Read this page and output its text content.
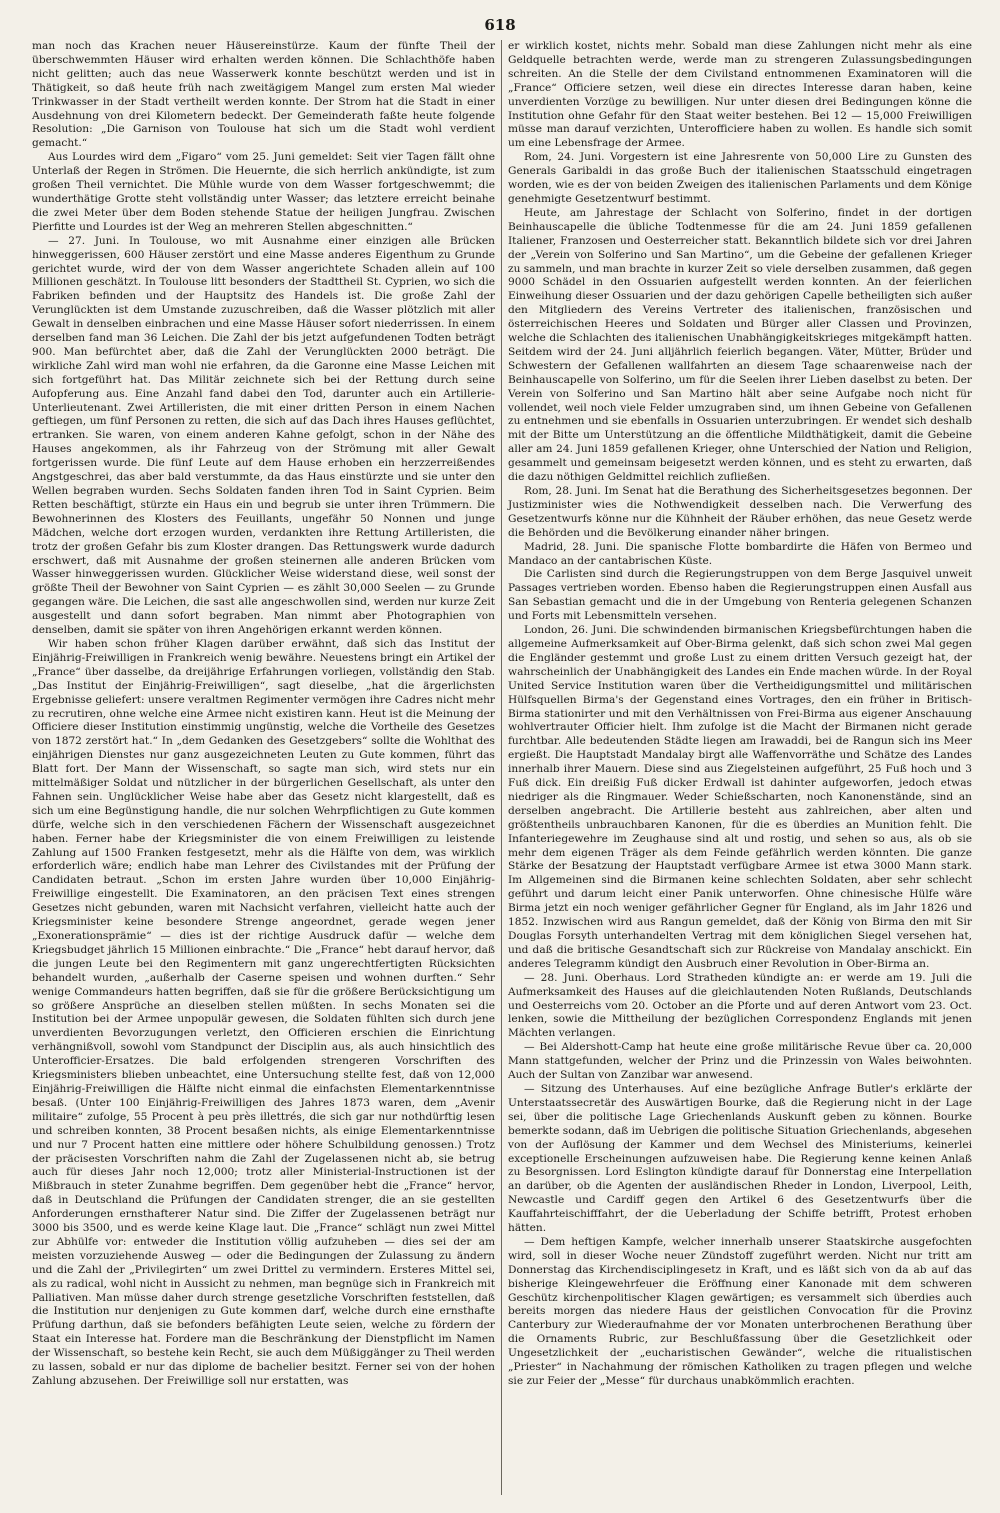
618

man noch das Krachen neuer Häusereinstürze. Kaum der fünfte Theil der überschwemmten Häuser wird erhalten werden können. Die Schlachthöfe haben nicht gelitten; auch das neue Wasserwerk konnte beschützt werden und ist in Thätigkeit, so daß heute früh nach zweitägigem Mangel zum ersten Mal wieder Trinkwasser in der Stadt vertheilt werden konnte. Der Strom hat die Stadt in einer Ausdehnung von drei Kilometern bedeckt. Der Gemeinderath faßte heute folgende Resolution: „Die Garnison von Toulouse hat sich um die Stadt wohl verdient gemacht.“

Aus Lourdes wird dem „Figaro“ vom 25. Juni gemeldet: Seit vier Tagen fällt ohne Unterlaß der Regen in Strömen. Die Heuernte, die sich herrlich ankündigte, ist zum großen Theil vernichtet. Die Mühle wurde von dem Wasser fortgeschwemmt; die wunderthätige Grotte steht vollständig unter Wasser; das letztere erreicht beinahe die zwei Meter über dem Boden stehende Statue der heiligen Jungfrau. Zwischen Pierfitte und Lourdes ist der Weg an mehreren Stellen abgeschnitten.“

— 27. Juni. In Toulouse, wo mit Ausnahme einer einzigen alle Brücken hinweggerissen, 600 Häuser zerstört und eine Masse anderes Eigenthum zu Grunde gerichtet wurde, wird der von dem Wasser angerichtete Schaden allein auf 100 Millionen geschätzt. In Toulouse litt besonders der Stadttheil St. Cyprien, wo sich die Fabriken befinden und der Hauptsitz des Handels ist. Die große Zahl der Verunglückten ist dem Umstande zuzuschreiben, daß die Wasser plötzlich mit aller Gewalt in denselben einbrachen und eine Masse Häuser sofort niederrissen. In einem derselben fand man 36 Leichen. Die Zahl der bis jetzt aufgefundenen Todten beträgt 900. Man befürchtet aber, daß die Zahl der Verunglückten 2000 beträgt. Die wirkliche Zahl wird man wohl nie erfahren, da die Garonne eine Masse Leichen mit sich fortgeführt hat. Das Militär zeichnete sich bei der Rettung durch seine Aufopferung aus. Eine Anzahl fand dabei den Tod, darunter auch ein Artillerie-Unterlieutenant. Zwei Artilleristen, die mit einer dritten Person in einem Nachen geftiegen, um fünf Personen zu retten, die sich auf das Dach ihres Hauses geflüchtet, ertranken. Sie waren, von einem anderen Kahne gefolgt, schon in der Nähe des Hauses angekommen, als ihr Fahrzeug von der Strömung mit aller Gewalt fortgerissen wurde. Die fünf Leute auf dem Hause erhoben ein herzzerreißendes Angstgeschrei, das aber bald verstummte, da das Haus einstürzte und sie unter den Wellen begraben wurden. Sechs Soldaten fanden ihren Tod in Saint Cyprien. Beim Retten beschäftigt, stürzte ein Haus ein und begrub sie unter ihren Trümmern. Die Bewohnerinnen des Klosters des Feuillants, ungefähr 50 Nonnen und junge Mädchen, welche dort erzogen wurden, verdankten ihre Rettung Artilleristen, die trotz der großen Gefahr bis zum Kloster drangen. Das Rettungswerk wurde dadurch erschwert, daß mit Ausnahme der großen steinernen alle anderen Brücken vom Wasser hinweggerissen wurden. Glücklicher Weise widerstand diese, weil sonst der größte Theil der Bewohner von Saint Cyprien — es zählt 30,000 Seelen — zu Grunde gegangen wäre. Die Leichen, die sast alle angeschwollen sind, werden nur kurze Zeit ausgestellt und dann sofort begraben. Man nimmt aber Photographien von denselben, damit sie später von ihren Angehörigen erkannt werden können.

Wir haben schon früher Klagen darüber erwähnt, daß sich das Institut der Einjährig-Freiwilligen in Frankreich wenig bewähre. Neuestens bringt ein Artikel der „France“ über dasselbe, da dreijährige Erfahrungen vorliegen, vollständig den Stab. „Das Institut der Einjährig-Freiwilligen“, sagt dieselbe, „hat die ärgerlichsten Ergebnisse geliefert: unsere veraltmen Regimenter vermögen ihre Cadres nicht mehr zu recrutiren, ohne welche eine Armee nicht existiren kann. Heut ist die Meinung der Officiere dieser Institution einstimmig ungünstig, welche die Vortheile des Gesetzes von 1872 zerstört hat.“ In „dem Gedanken des Gesetzgebers“ sollte die Wohlthat des einjährigen Dienstes nur ganz ausgezeichneten Leuten zu Gute kommen, führt das Blatt fort. Der Mann der Wissenschaft, so sagte man sich, wird stets nur ein mittelmäßiger Soldat und nützlicher in der bürgerlichen Gesellschaft, als unter den Fahnen sein. Unglücklicher Weise habe aber das Gesetz nicht klargestellt, daß es sich um eine Begünstigung handle, die nur solchen Wehrpflichtigen zu Gute kommen dürfe, welche sich in den verschiedenen Fächern der Wissenschaft ausgezeichnet haben. Ferner habe der Kriegsminister die von einem Freiwilligen zu leistende Zahlung auf 1500 Franken festgesetzt, mehr als die Hälfte von dem, was wirklich erforderlich wäre; endlich habe man Lehrer des Civilstandes mit der Prüfung der Candidaten betraut. „Schon im ersten Jahre wurden über 10,000 Einjährig-Freiwillige eingestellt. Die Examinatoren, an den präcisen Text eines strengen Gesetzes nicht gebunden, waren mit Nachsicht verfahren, vielleicht hatte auch der Kriegsminister keine besondere Strenge angeordnet, gerade wegen jener „Exonerationsprämie“ — dies ist der richtige Ausdruck dafür — welche dem Kriegsbudget jährlich 15 Millionen einbrachte.“ Die „France“ hebt darauf hervor, daß die jungen Leute bei den Regimentern mit ganz ungerechtfertigten Rücksichten behandelt wurden, „außerhalb der Caserne speisen und wohnen durften.“ Sehr wenige Commandeurs hatten begriffen, daß sie für die größere Berücksichtigung um so größere Ansprüche an dieselben stellen müßten. In sechs Monaten sei die Institution bei der Armee unpopulär gewesen, die Soldaten fühlten sich durch jene unverdienten Bevorzugungen verletzt, den Officieren erschien die Einrichtung verhängnißvoll, sowohl vom Standpunct der Disciplin aus, als auch hinsichtlich des Unterofficier-Ersatzes. Die bald erfolgenden strengeren Vorschriften des Kriegsministers blieben unbeachtet, eine Untersuchung stellte fest, daß von 12,000 Einjährig-Freiwilligen die Hälfte nicht einmal die einfachsten Elementarkenntnisse besaß. (Unter 100 Einjährig-Freiwilligen des Jahres 1873 waren, dem „Avenir militaire“ zufolge, 55 Procent à peu près illettrés, die sich gar nur nothdürftig lesen und schreiben konnten, 38 Procent besaßen nichts, als einige Elementarkenntnisse und nur 7 Procent hatten eine mittlere oder höhere Schulbildung genossen.) Trotz der präcisesten Vorschriften nahm die Zahl der Zugelassenen nicht ab, sie betrug auch für dieses Jahr noch 12,000; trotz aller Ministerial-Instructionen ist der Mißbrauch in steter Zunahme begriffen. Dem gegenüber hebt die „France“ hervor, daß in Deutschland die Prüfungen der Candidaten strenger, die an sie gestellten Anforderungen ernsthafterer Natur sind. Die Ziffer der Zugelassenen beträgt nur 3000 bis 3500, und es werde keine Klage laut. Die „France“ schlägt nun zwei Mittel zur Abhülfe vor: entweder die Institution völlig aufzuheben — dies sei der am meisten vorzuziehende Ausweg — oder die Bedingungen der Zulassung zu ändern und die Zahl der „Privilegirten“ um zwei Drittel zu vermindern. Ersteres Mittel sei, als zu radical, wohl nicht in Aussicht zu nehmen, man begnüge sich in Frankreich mit Palliativen. Man müsse daher durch strenge gesetzliche Vorschriften feststellen, daß die Institution nur denjenigen zu Gute kommen darf, welche durch eine ernsthafte Prüfung darthun, daß sie befonders befähigten Leute seien, welche zu fördern der Staat ein Interesse hat. Fordere man die Beschränkung der Dienstpflicht im Namen der Wissenschaft, so bestehe kein Recht, sie auch dem Müßiggänger zu Theil werden zu lassen, sobald er nur das diplome de bachelier besitzt. Ferner sei von der hohen Zahlung abzusehen. Der Freiwillige soll nur erstatten, was

er wirklich kostet, nichts mehr. Sobald man diese Zahlungen nicht mehr als eine Geldquelle betrachten werde, werde man zu strengeren Zulassungsbedingungen schreiten. An die Stelle der dem Civilstand entnommenen Examinatoren will die „France“ Officiere setzen, weil diese ein directes Interesse daran haben, keine unverdienten Vorzüge zu bewilligen. Nur unter diesen drei Bedingungen könne die Institution ohne Gefahr für den Staat weiter bestehen. Bei 12 — 15,000 Freiwilligen müsse man darauf verzichten, Unterofficiere haben zu wollen. Es handle sich somit um eine Lebensfrage der Armee.

Rom, 24. Juni. Vorgestern ist eine Jahresrente von 50,000 Lire zu Gunsten des Generals Garibaldi in das große Buch der italienischen Staatsschuld eingetragen worden, wie es der von beiden Zweigen des italienischen Parlaments und dem Könige genehmigte Gesetzentwurf bestimmt.

Heute, am Jahrestage der Schlacht von Solferino, findet in der dortigen Beinhauscapelle die übliche Todtenmesse für die am 24. Juni 1859 gefallenen Italiener, Franzosen und Oesterreicher statt. Bekanntlich bildete sich vor drei Jahren der „Verein von Solferino und San Martino“, um die Gebeine der gefallenen Krieger zu sammeln, und man brachte in kurzer Zeit so viele derselben zusammen, daß gegen 9000 Schädel in den Ossuarien aufgestellt werden konnten. An der feierlichen Einweihung dieser Ossuarien und der dazu gehörigen Capelle betheiligten sich außer den Mitgliedern des Vereins Vertreter des italienischen, französischen und österreichischen Heeres und Soldaten und Bürger aller Classen und Provinzen, welche die Schlachten des italienischen Unabhängigkeitskrieges mitgekämpft hatten. Seitdem wird der 24. Juni alljährlich feierlich begangen. Väter, Mütter, Brüder und Schwestern der Gefallenen wallfahrten an diesem Tage schaarenweise nach der Beinhauscapelle von Solferino, um für die Seelen ihrer Lieben daselbst zu beten. Der Verein von Solferino und San Martino hält aber seine Aufgabe noch nicht für vollendet, weil noch viele Felder umzugraben sind, um ihnen Gebeine von Gefallenen zu entnehmen und sie ebenfalls in Ossuarien unterzubringen. Er wendet sich deshalb mit der Bitte um Unterstützung an die öffentliche Mildthätigkeit, damit die Gebeine aller am 24. Juni 1859 gefallenen Krieger, ohne Unterschied der Nation und Religion, gesammelt und gemeinsam beigesetzt werden können, und es steht zu erwarten, daß die dazu nöthigen Geldmittel reichlich zufließen.

Rom, 28. Juni. Im Senat hat die Berathung des Sicherheitsgesetzes begonnen. Der Justizminister wies die Nothwendigkeit desselben nach. Die Verwerfung des Gesetzentwurfs könne nur die Kühnheit der Räuber erhöhen, das neue Gesetz werde die Behörden und die Bevölkerung einander näher bringen.

Madrid, 28. Juni. Die spanische Flotte bombardirte die Häfen von Bermeo und Mandaco an der cantabrischen Küste.

Die Carlisten sind durch die Regierungstruppen von dem Berge Jasquivel unweit Passages vertrieben worden. Ebenso haben die Regierungstruppen einen Ausfall aus San Sebastian gemacht und die in der Umgebung von Renteria gelegenen Schanzen und Forts mit Lebensmitteln versehen.

London, 26. Juni. Die schwindenden birmanischen Kriegsbefürchtungen haben die allgemeine Aufmerksamkeit auf Ober-Birma gelenkt, daß sich schon zwei Mal gegen die Engländer gestemmt und große Lust zu einem dritten Versuch gezeigt hat, der wahrscheinlich der Unabhängigkeit des Landes ein Ende machen würde. In der Royal United Service Institution waren über die Vertheidigungsmittel und militärischen Hülfsquellen Birma's der Gegenstand eines Vortrages, den ein früher in Britisch-Birma stationirter und mit den Verhältnissen von Frei-Birma aus eigener Anschauung wohlvertrauter Officier hielt. Ihm zufolge ist die Macht der Birmanen nicht gerade furchtbar. Alle bedeutenden Städte liegen am Irawaddi, bei de Rangun sich ins Meer ergießt. Die Hauptstadt Mandalay birgt alle Waffenvorräthe und Schätze des Landes innerhalb ihrer Mauern. Diese sind aus Ziegelsteinen aufgeführt, 25 Fuß hoch und 3 Fuß dick. Ein dreißig Fuß dicker Erdwall ist dahinter aufgeworfen, jedoch etwas niedriger als die Ringmauer. Weder Schießscharten, noch Kanonenstände, sind an derselben angebracht. Die Artillerie besteht aus zahlreichen, aber alten und größtentheils unbrauchbaren Kanonen, für die es überdies an Munition fehlt. Die Infanteriegewehre im Zeughause sind alt und rostig, und sehen so aus, als ob sie mehr dem eigenen Träger als dem Feinde gefährlich werden könnten. Die ganze Stärke der Besatzung der Hauptstadt verfügbare Armee ist etwa 3000 Mann stark. Im Allgemeinen sind die Birmanen keine schlechten Soldaten, aber sehr schlecht geführt und darum leicht einer Panik unterworfen. Ohne chinesische Hülfe wäre Birma jetzt ein noch weniger gefährlicher Gegner für England, als im Jahr 1826 und 1852. Inzwischen wird aus Rangun gemeldet, daß der König von Birma den mit Sir Douglas Forsyth unterhandelten Vertrag mit dem königlichen Siegel versehen hat, und daß die britische Gesandtschaft sich zur Rückreise von Mandalay anschickt. Ein anderes Telegramm kündigt den Ausbruch einer Revolution in Ober-Birma an.

— 28. Juni. Oberhaus. Lord Stratheden kündigte an: er werde am 19. Juli die Aufmerksamkeit des Hauses auf die gleichlautenden Noten Rußlands, Deutschlands und Oesterreichs vom 20. October an die Pforte und auf deren Antwort vom 23. Oct. lenken, sowie die Mittheilung der bezüglichen Correspondenz Englands mit jenen Mächten verlangen.

— Bei Aldershott-Camp hat heute eine große militärische Revue über ca. 20,000 Mann stattgefunden, welcher der Prinz und die Prinzessin von Wales beiwohnten. Auch der Sultan von Zanzibar war anwesend.

— Sitzung des Unterhauses. Auf eine bezügliche Anfrage Butler's erklärte der Unterstaatssecretär des Auswärtigen Bourke, daß die Regierung nicht in der Lage sei, über die politische Lage Griechenlands Auskunft geben zu können. Bourke bemerkte sodann, daß im Uebrigen die politische Situation Griechenlands, abgesehen von der Auflösung der Kammer und dem Wechsel des Ministeriums, keinerlei exceptionelle Erscheinungen aufzuweisen habe. Die Regierung kenne keinen Anlaß zu Besorgnissen. Lord Eslington kündigte darauf für Donnerstag eine Interpellation an darüber, ob die Agenten der ausländischen Rheder in London, Liverpool, Leith, Newcastle und Cardiff gegen den Artikel 6 des Gesetzentwurfs über die Kauffahrteischifffahrt, der die Ueberladung der Schiffe betrifft, Protest erhoben hätten.

— Dem heftigen Kampfe, welcher innerhalb unserer Staatskirche ausgefochten wird, soll in dieser Woche neuer Zündstoff zugeführt werden. Nicht nur tritt am Donnerstag das Kirchendisciplingesetz in Kraft, und es läßt sich von da ab auf das bisherige Kleingewehrfeuer die Eröffnung einer Kanonade mit dem schweren Geschütz kirchenpolitischer Klagen gewärtigen; es versammelt sich überdies auch bereits morgen das niedere Haus der geistlichen Convocation für die Provinz Canterbury zur Wiederaufnahme der vor Monaten unterbrochenen Berathung über die Ornaments Rubric, zur Beschlußfassung über die Gesetzlichkeit oder Ungesetzlichkeit der „eucharistischen Gewänder“, welche die ritualistischen „Priester“ in Nachahmung der römischen Katholiken zu tragen pflegen und welche sie zur Feier der „Messe“ für durchaus unabkömmlich erachten.
